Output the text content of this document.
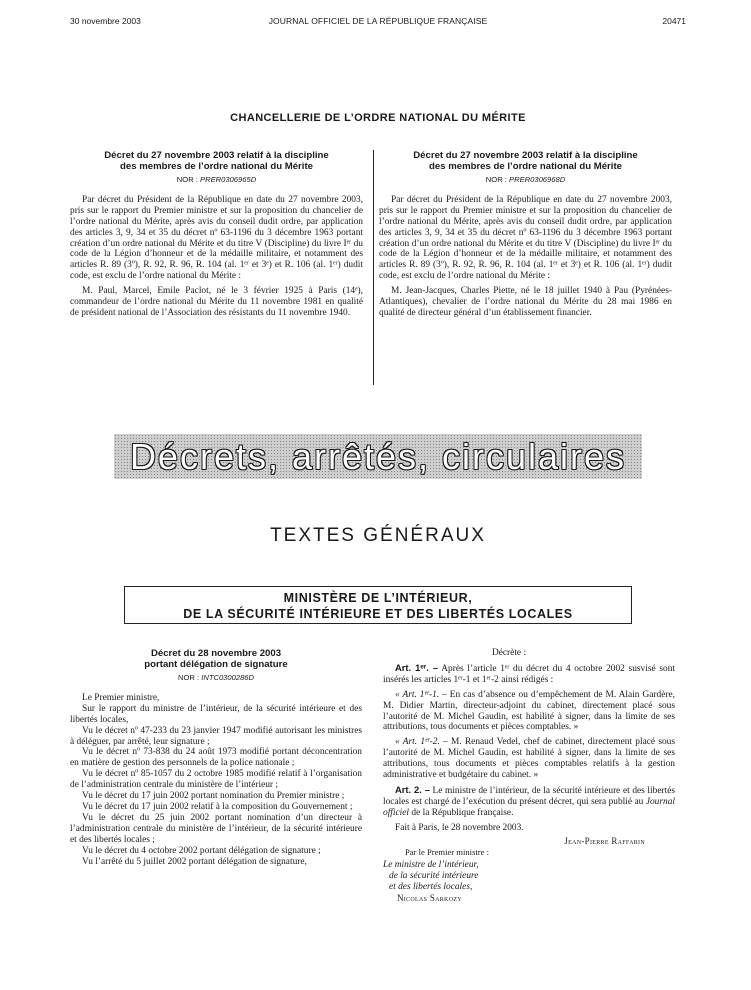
30 novembre 2003	JOURNAL OFFICIEL DE LA RÉPUBLIQUE FRANÇAISE	20471
CHANCELLERIE DE L’ORDRE NATIONAL DU MÉRITE
Décret du 27 novembre 2003 relatif à la discipline
des membres de l’ordre national du Mérite
NOR : PRER0306965D

Par décret du Président de la République en date du 27 novembre 2003, pris sur le rapport du Premier ministre et sur la proposition du chancelier de l’ordre national du Mérite, après avis du conseil dudit ordre, par application des articles 3, 9, 34 et 35 du décret nº 63-1196 du 3 décembre 1963 portant création d’un ordre national du Mérite et du titre V (Discipline) du livre Iᵉʳ du code de la Légion d’honneur et de la médaille militaire, et notamment des articles R. 89 (3º), R. 92, R. 96, R. 104 (al. 1ᵉʳ et 3ᵉ) et R. 106 (al. 1ᵉʳ) dudit code, est exclu de l’ordre national du Mérite :

M. Paul, Marcel, Emile Paclot, né le 3 février 1925 à Paris (14ᵉ), commandeur de l’ordre national du Mérite du 11 novembre 1981 en qualité de président national de l’Association des résistants du 11 novembre 1940.

Décret du 27 novembre 2003 relatif à la discipline
des membres de l’ordre national du Mérite
NOR : PRER0306968D

Par décret du Président de la République en date du 27 novembre 2003, pris sur le rapport du Premier ministre et sur la proposition du chancelier de l’ordre national du Mérite, après avis du conseil dudit ordre, par application des articles 3, 9, 34 et 35 du décret nº 63-1196 du 3 décembre 1963 portant création d’un ordre national du Mérite et du titre V (Discipline) du livre Iᵉʳ du code de la Légion d’honneur et de la médaille militaire, et notamment des articles R. 89 (3º), R. 92, R. 96, R. 104 (al. 1ᵉʳ et 3ᵉ) et R. 106 (al. 1ᵉʳ) dudit code, est exclu de l’ordre national du Mérite :

M. Jean-Jacques, Charles Piette, né le 18 juillet 1940 à Pau (Pyrénées-Atlantiques), chevalier de l’ordre national du Mérite du 28 mai 1986 en qualité de directeur général d’un établissement financier.

Décrets, arrêtés, circulaires
TEXTES GÉNÉRAUX
MINISTÈRE DE L’INTÉRIEUR,
DE LA SÉCURITÉ INTÉRIEURE ET DES LIBERTÉS LOCALES
Décret du 28 novembre 2003
portant délégation de signature
NOR : INTC0300286D

Le Premier ministre,

Sur le rapport du ministre de l’intérieur, de la sécurité intérieure et des libertés locales,

Vu le décret nº 47-233 du 23 janvier 1947 modifié autorisant les ministres à déléguer, par arrêté, leur signature ;

Vu le décret nº 73-838 du 24 août 1973 modifié portant déconcentration en matière de gestion des personnels de la police nationale ;

Vu le décret nº 85-1057 du 2 octobre 1985 modifié relatif à l’organisation de l’administration centrale du ministère de l’intérieur ;

Vu le décret du 17 juin 2002 portant nomination du Premier ministre ;

Vu le décret du 17 juin 2002 relatif à la composition du Gouvernement ;

Vu le décret du 25 juin 2002 portant nomination d’un directeur à l’administration centrale du ministère de l’intérieur, de la sécurité intérieure et des libertés locales ;

Vu le décret du 4 octobre 2002 portant délégation de signature ;

Vu l’arrêté du 5 juillet 2002 portant délégation de signature,

Décrète :

Art. 1ᵉʳ. – Après l’article 1ᵉʳ du décret du 4 octobre 2002 susvisé sont insérés les articles 1ᵉʳ-1 et 1ᵉʳ-2 ainsi rédigés :

« Art. 1ᵉʳ-1. – En cas d’absence ou d’empêchement de M. Alain Gardère, M. Didier Martin, directeur-adjoint du cabinet, directement placé sous l’autorité de M. Michel Gaudin, est habilité à signer, dans la limite de ses attributions, tous documents et pièces comptables. »

« Art. 1ᵉʳ-2. – M. Renaud Vedel, chef de cabinet, directement placé sous l’autorité de M. Michel Gaudin, est habilité à signer, dans la limite de ses attributions, tous documents et pièces comptables relatifs à la gestion administrative et budgétaire du cabinet. »

Art. 2. – Le ministre de l’intérieur, de la sécurité intérieure et des libertés locales est chargé de l’exécution du présent décret, qui sera publié au Journal officiel de la République française.

Fait à Paris, le 28 novembre 2003.

Jean-Pierre Raffarin
Par le Premier ministre :
Le ministre de l’intérieur,
de la sécurité intérieure
et des libertés locales,
Nicolas Sarkozy
